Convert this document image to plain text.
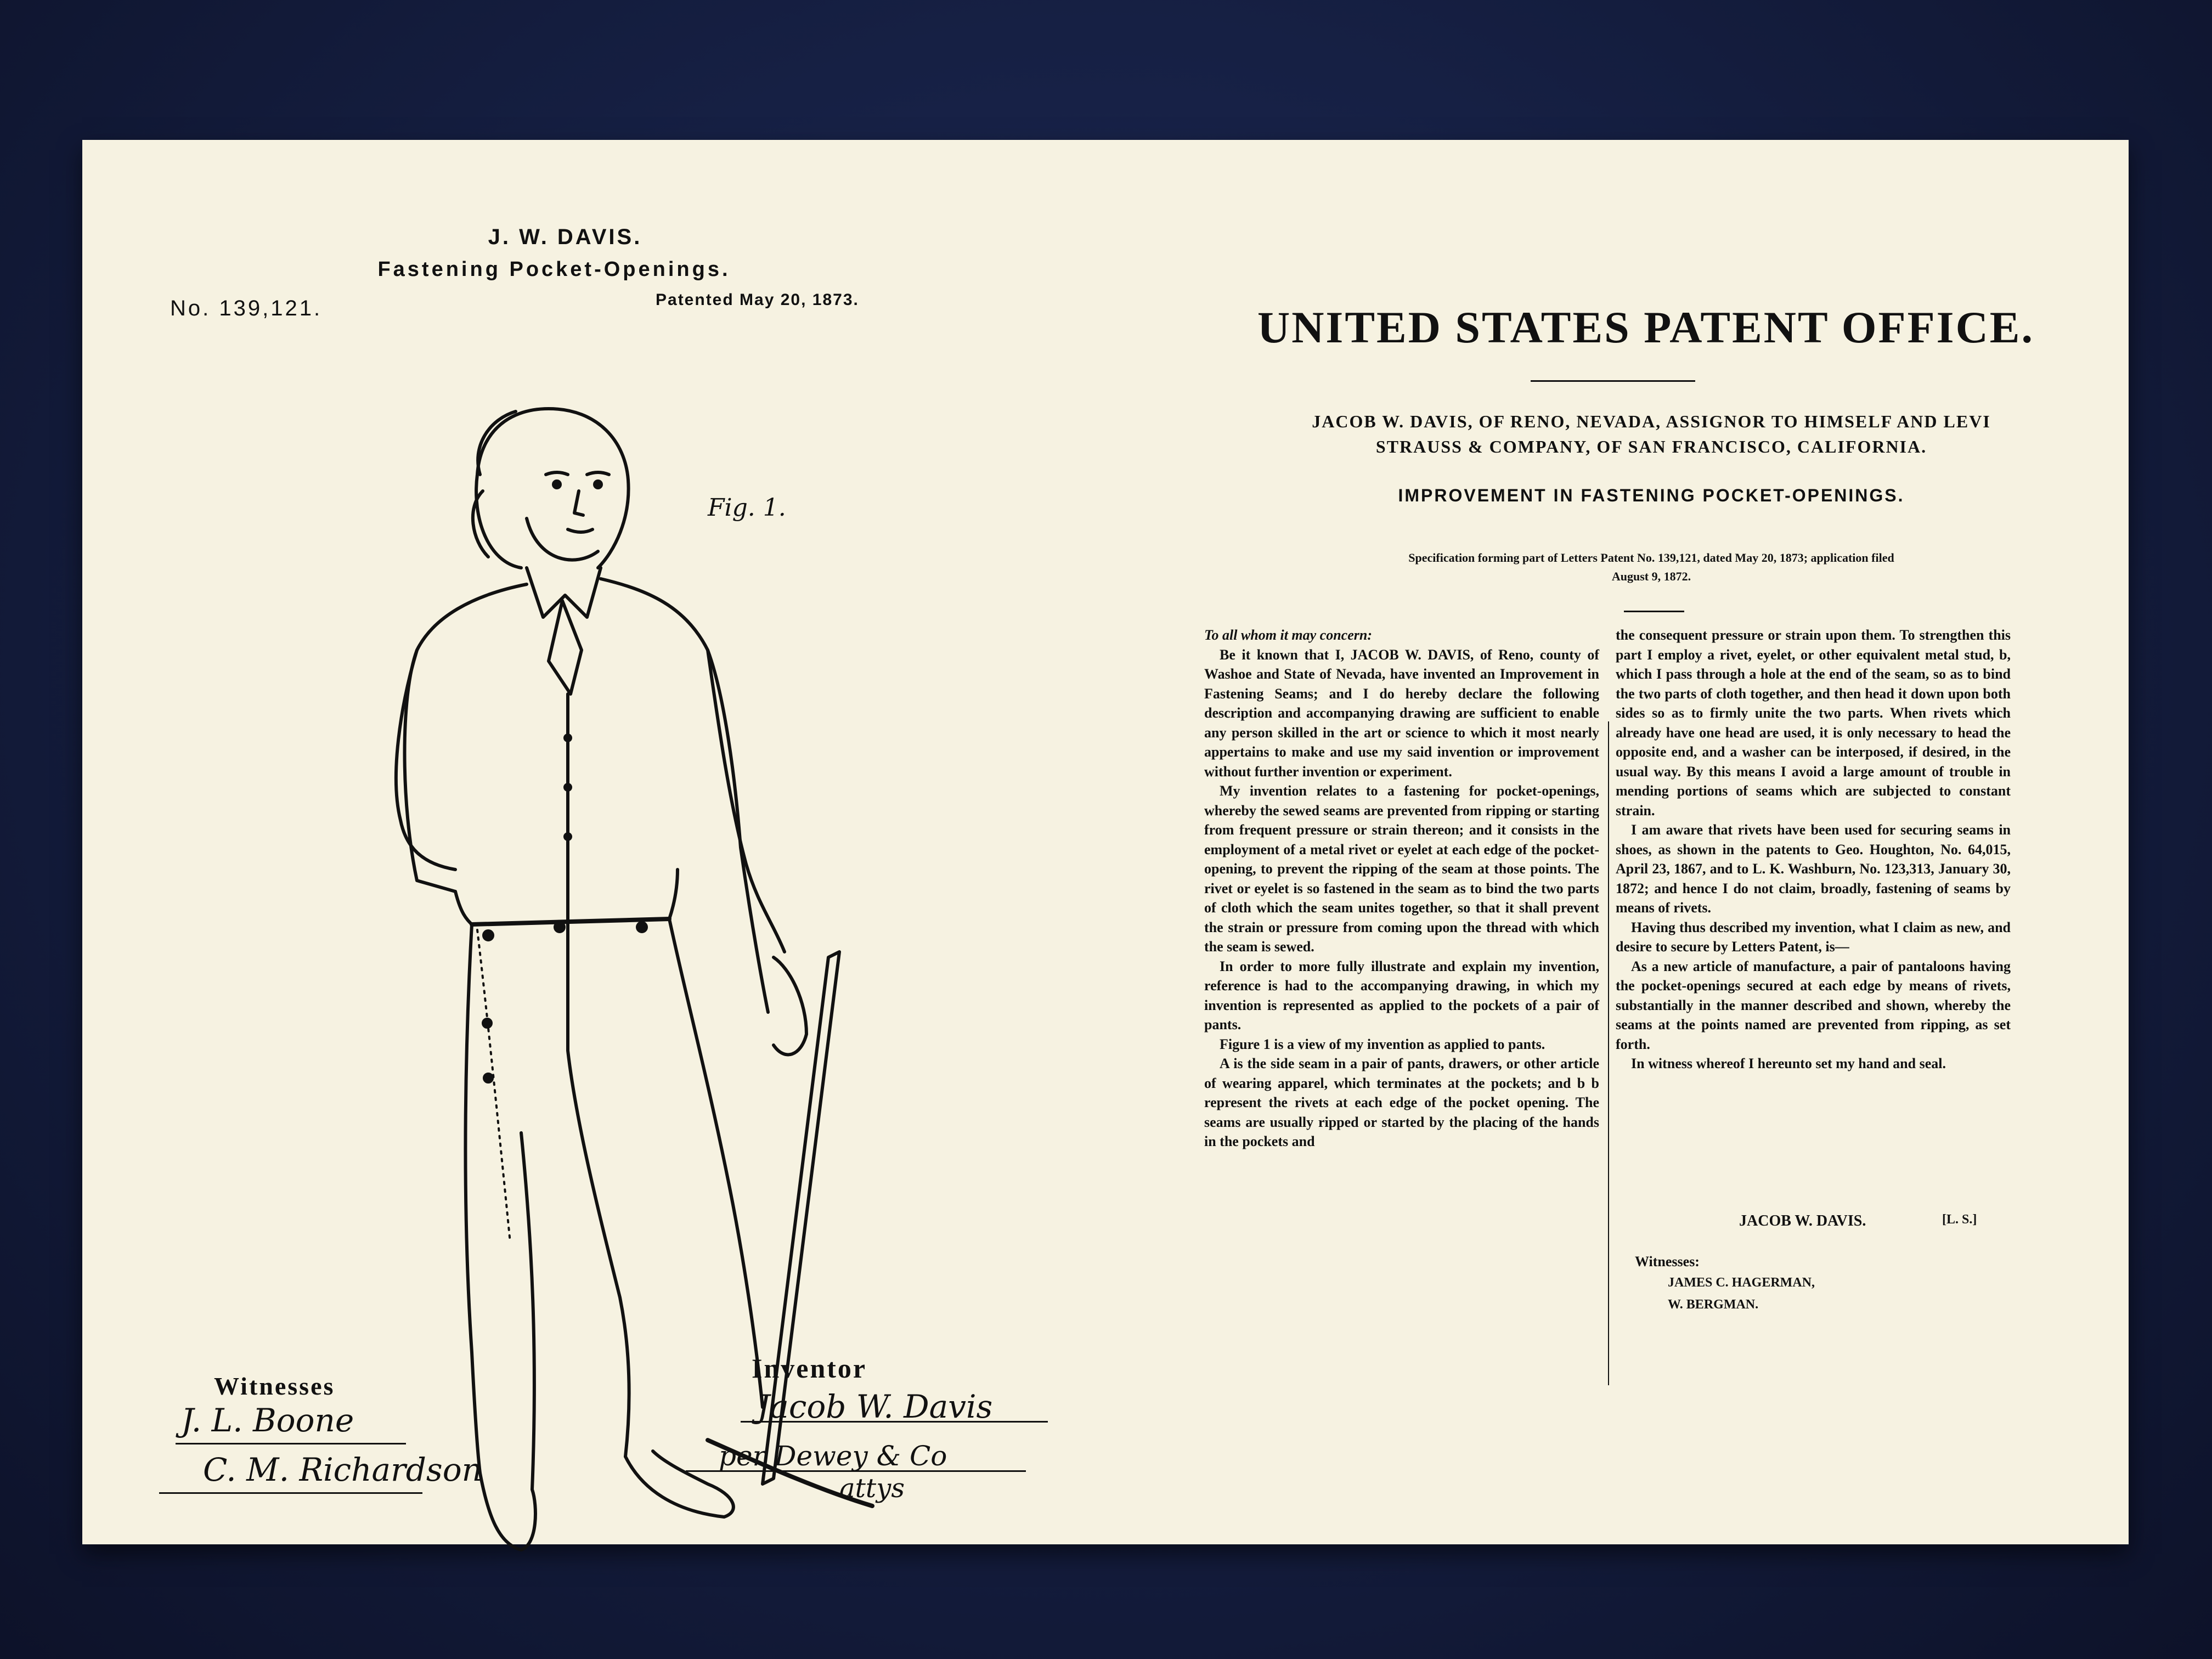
J. W. DAVIS.
Fastening Pocket-Openings.
No. 139,121.	Patented May 20, 1873.
Fig. 1.
Witnesses
J. L. Boone
C. M. Richardson
Inventor
Jacob W. Davis
per Dewey & Co
attys
UNITED STATES PATENT OFFICE.
JACOB W. DAVIS, OF RENO, NEVADA, ASSIGNOR TO HIMSELF AND LEVI
STRAUSS & COMPANY, OF SAN FRANCISCO, CALIFORNIA.
IMPROVEMENT IN FASTENING POCKET-OPENINGS.
Specification forming part of Letters Patent No. 139,121, dated May 20, 1873; application filed
August 9, 1872.

To all whom it may concern:

Be it known that I, JACOB W. DAVIS, of Reno, county of Washoe and State of Nevada, have invented an Improvement in Fastening Seams; and I do hereby declare the following description and accompanying drawing are sufficient to enable any person skilled in the art or science to which it most nearly appertains to make and use my said invention or improvement without further invention or experiment.

My invention relates to a fastening for pocket-openings, whereby the sewed seams are prevented from ripping or starting from frequent pressure or strain thereon; and it consists in the employment of a metal rivet or eyelet at each edge of the pocket-opening, to prevent the ripping of the seam at those points. The rivet or eyelet is so fastened in the seam as to bind the two parts of cloth which the seam unites together, so that it shall prevent the strain or pressure from coming upon the thread with which the seam is sewed.

In order to more fully illustrate and explain my invention, reference is had to the accompanying drawing, in which my invention is represented as applied to the pockets of a pair of pants.

Figure 1 is a view of my invention as applied to pants.

A is the side seam in a pair of pants, drawers, or other article of wearing apparel, which terminates at the pockets; and b b represent the rivets at each edge of the pocket opening. The seams are usually ripped or started by the placing of the hands in the pockets and

the consequent pressure or strain upon them. To strengthen this part I employ a rivet, eyelet, or other equivalent metal stud, b, which I pass through a hole at the end of the seam, so as to bind the two parts of cloth together, and then head it down upon both sides so as to firmly unite the two parts. When rivets which already have one head are used, it is only necessary to head the opposite end, and a washer can be interposed, if desired, in the usual way. By this means I avoid a large amount of trouble in mending portions of seams which are subjected to constant strain.

I am aware that rivets have been used for securing seams in shoes, as shown in the patents to Geo. Houghton, No. 64,015, April 23, 1867, and to L. K. Washburn, No. 123,313, January 30, 1872; and hence I do not claim, broadly, fastening of seams by means of rivets.

Having thus described my invention, what I claim as new, and desire to secure by Letters Patent, is—

As a new article of manufacture, a pair of pantaloons having the pocket-openings secured at each edge by means of rivets, substantially in the manner described and shown, whereby the seams at the points named are prevented from ripping, as set forth.

In witness whereof I hereunto set my hand and seal.

JACOB W. DAVIS.	[L. S.]
Witnesses:
JAMES C. HAGERMAN,
W. BERGMAN.
